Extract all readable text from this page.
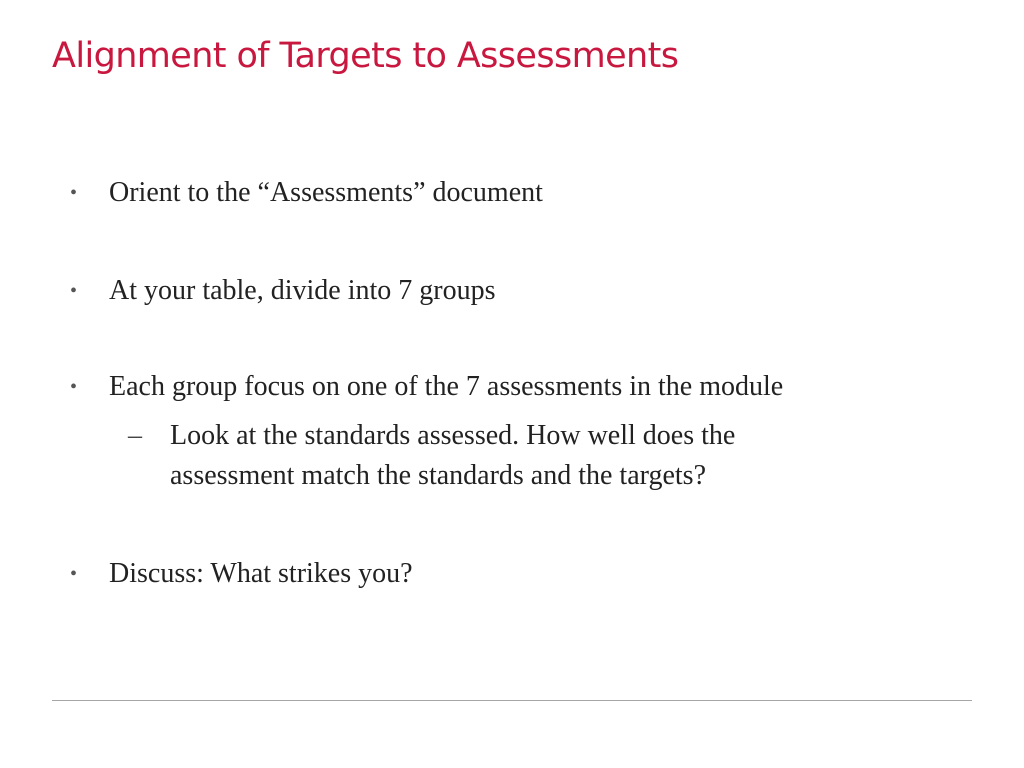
Alignment of Targets to Assessments
• Orient to the “Assessments” document
• At your table, divide into 7 groups
• Each group focus on one of the 7 assessments in the module
– Look at the standards assessed. How well does the
assessment match the standards and the targets?
• Discuss: What strikes you?
